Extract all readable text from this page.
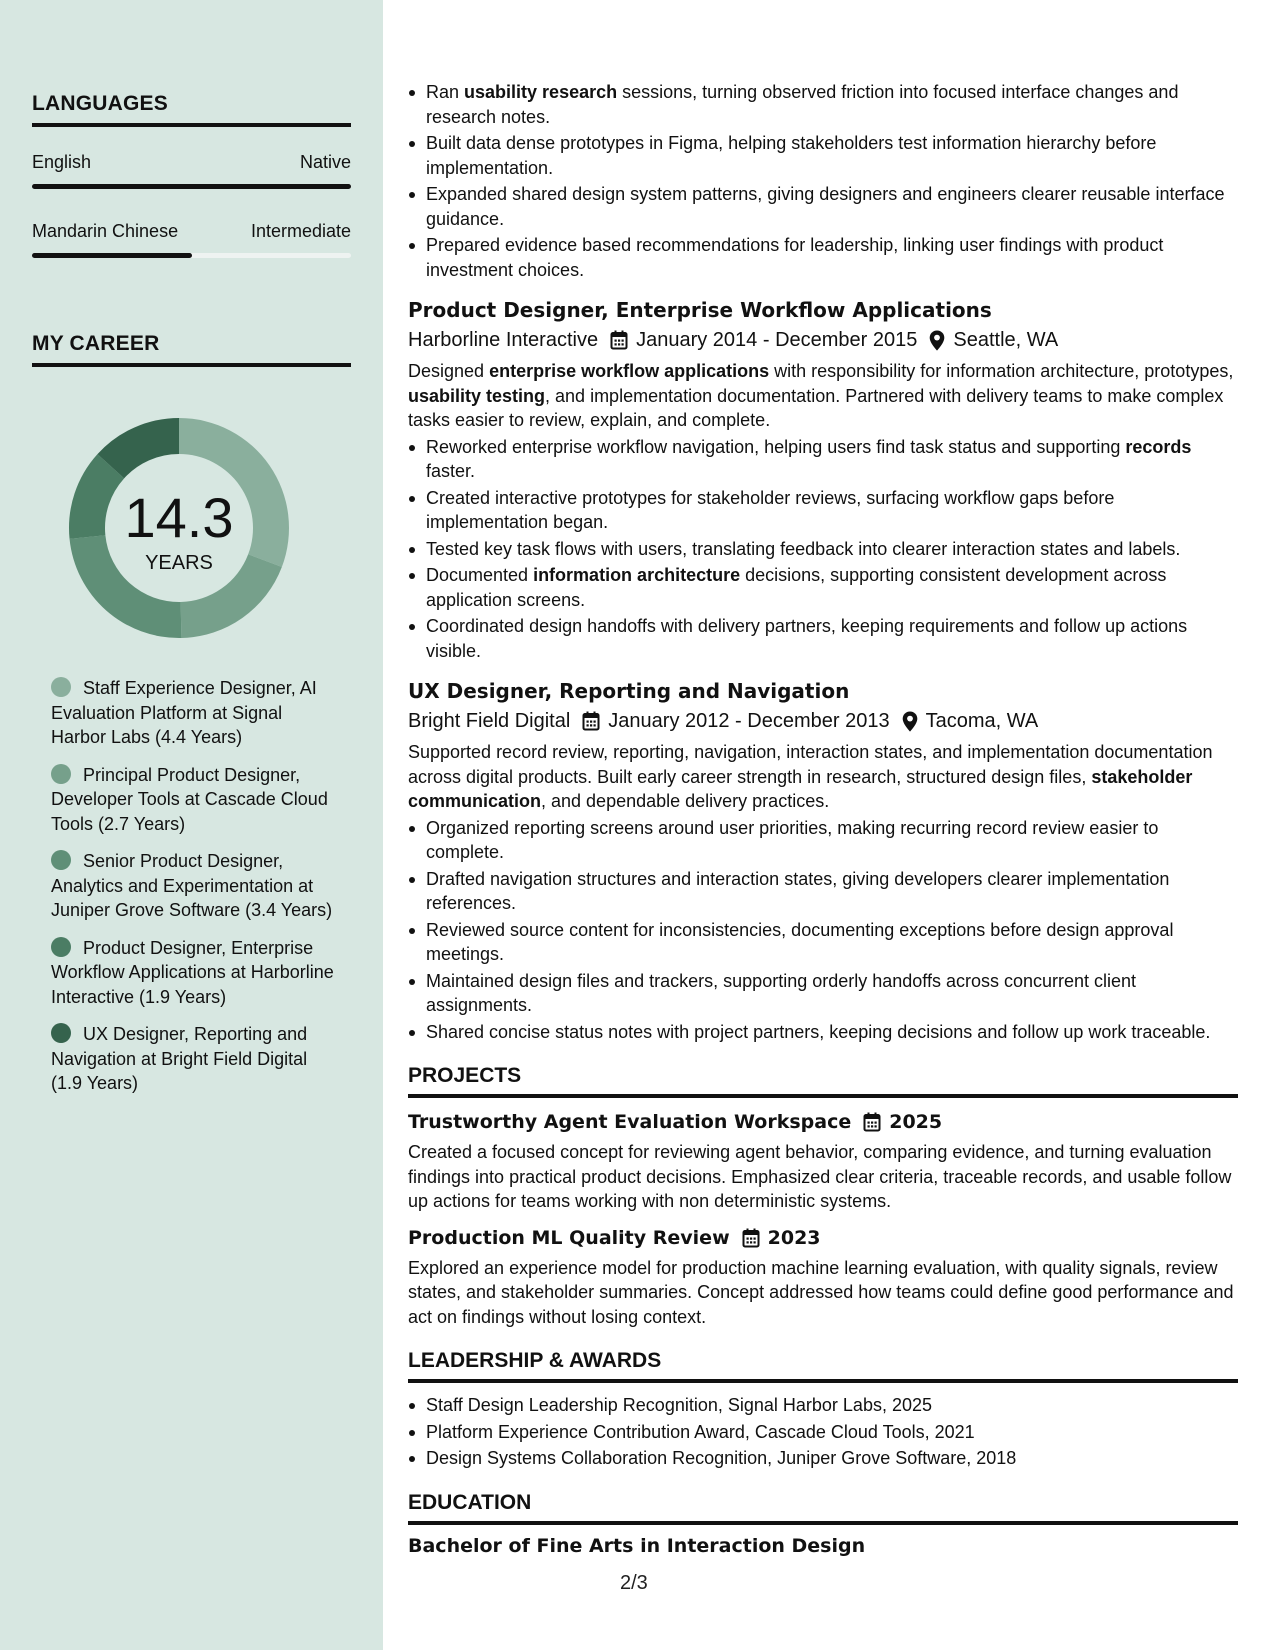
LANGUAGES
English	Native
Mandarin Chinese	Intermediate
MY CAREER
14.3
YEARS
Staff Experience Designer, AI Evaluation Platform at Signal Harbor Labs (4.4 Years)
Principal Product Designer, Developer Tools at Cascade Cloud Tools (2.7 Years)
Senior Product Designer, Analytics and Experimentation at Juniper Grove Software (3.4 Years)
Product Designer, Enterprise Workflow Applications at Harborline Interactive (1.9 Years)
UX Designer, Reporting and Navigation at Bright Field Digital (1.9 Years)
Ran usability research sessions, turning observed friction into focused interface changes and research notes.
Built data dense prototypes in Figma, helping stakeholders test information hierarchy before implementation.
Expanded shared design system patterns, giving designers and engineers clearer reusable interface guidance.
Prepared evidence based recommendations for leadership, linking user findings with product investment choices.
Product Designer, Enterprise Workflow Applications
Harborline Interactive January 2014 - December 2015 Seattle, WA
Designed enterprise workflow applications with responsibility for information architecture, prototypes, usability testing, and implementation documentation. Partnered with delivery teams to make complex tasks easier to review, explain, and complete.
Reworked enterprise workflow navigation, helping users find task status and supporting records faster.
Created interactive prototypes for stakeholder reviews, surfacing workflow gaps before implementation began.
Tested key task flows with users, translating feedback into clearer interaction states and labels.
Documented information architecture decisions, supporting consistent development across application screens.
Coordinated design handoffs with delivery partners, keeping requirements and follow up actions visible.
UX Designer, Reporting and Navigation
Bright Field Digital January 2012 - December 2013 Tacoma, WA
Supported record review, reporting, navigation, interaction states, and implementation documentation across digital products. Built early career strength in research, structured design files, stakeholder communication, and dependable delivery practices.
Organized reporting screens around user priorities, making recurring record review easier to complete.
Drafted navigation structures and interaction states, giving developers clearer implementation references.
Reviewed source content for inconsistencies, documenting exceptions before design approval meetings.
Maintained design files and trackers, supporting orderly handoffs across concurrent client assignments.
Shared concise status notes with project partners, keeping decisions and follow up work traceable.
PROJECTS
Trustworthy Agent Evaluation Workspace 2025
Created a focused concept for reviewing agent behavior, comparing evidence, and turning evaluation findings into practical product decisions. Emphasized clear criteria, traceable records, and usable follow up actions for teams working with non deterministic systems.
Production ML Quality Review 2023
Explored an experience model for production machine learning evaluation, with quality signals, review states, and stakeholder summaries. Concept addressed how teams could define good performance and act on findings without losing context.
LEADERSHIP & AWARDS
Staff Design Leadership Recognition, Signal Harbor Labs, 2025
Platform Experience Contribution Award, Cascade Cloud Tools, 2021
Design Systems Collaboration Recognition, Juniper Grove Software, 2018
EDUCATION
Bachelor of Fine Arts in Interaction Design
2/3
